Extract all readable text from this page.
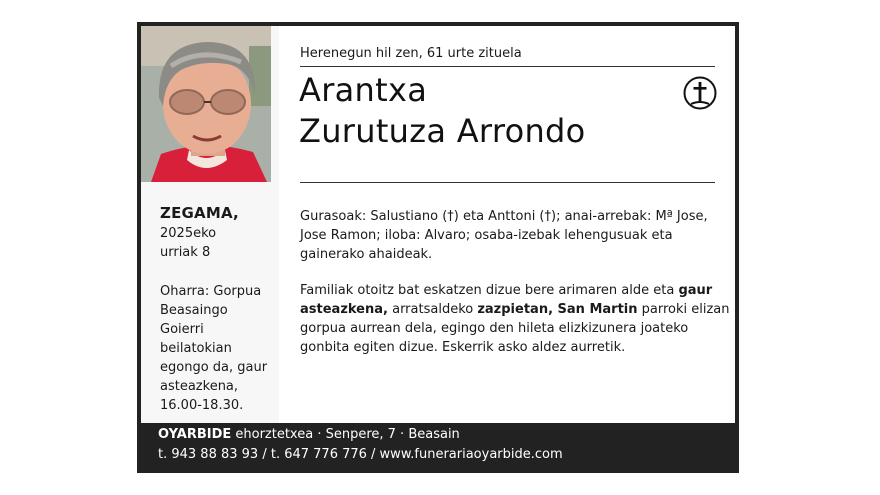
ZEGAMA,
2025eko
urriak 8
Oharra: Gorpua
Beasaingo
Goierri
beilatokian
egongo da, gaur
asteazkena,
16.00-18.30.
Herenegun hil zen, 61 urte zituela
Arantxa
Zurutuza Arrondo
Gurasoak: Salustiano (†) eta Anttoni (†); anai-arrebak: Mª Jose, Jose Ramon; iloba: Alvaro; osaba-izebak lehengusuak eta gainerako ahaideak.
Familiak otoitz bat eskatzen dizue bere arimaren alde eta gaur asteazkena, arratsaldeko zazpietan, San Martin parroki elizan gorpua aurrean dela, egingo den hileta elizkizunera joateko gonbita egiten dizue. Eskerrik asko aldez aurretik.
OYARBIDE ehorztetxea · Senpere, 7 · Beasain
t. 943 88 83 93 / t. 647 776 776 / www.funerariaoyarbide.com
